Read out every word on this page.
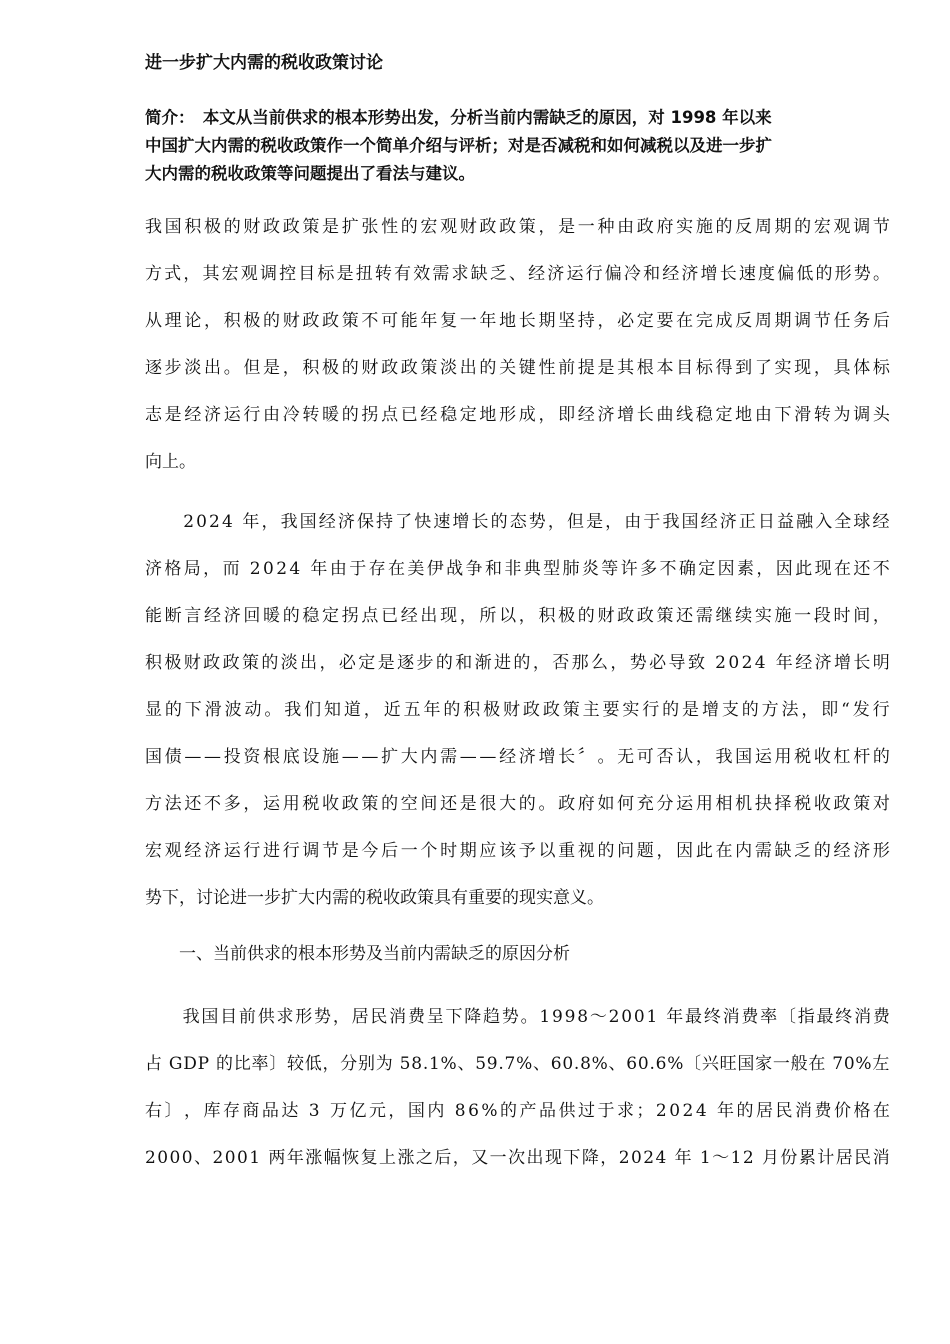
进一步扩大内需的税收政策讨论
简介：　本文从当前供求的根本形势出发，分析当前内需缺乏的原因，对 1998 年以来
中国扩大内需的税收政策作一个简单介绍与评析；对是否减税和如何减税以及进一步扩
大内需的税收政策等问题提出了看法与建议。
我 国 积 极 的 财 政 政 策 是 扩 张 性 的 宏 观 财 政 政 策 ， 是 一 种 由 政 府 实 施 的 反 周 期 的 宏 观 调 节
方 式 ， 其 宏 观 调 控 目 标 是 扭 转 有 效 需 求 缺 乏 、 经 济 运 行 偏 冷 和 经 济 增 长 速 度 偏 低 的 形 势 。
从 理 论 ， 积 极 的 财 政 政 策 不 可 能 年 复 一 年 地 长 期 坚 持 ， 必 定 要 在 完 成 反 周 期 调 节 任 务 后
逐 步 淡 出 。 但 是 ， 积 极 的 财 政 政 策 淡 出 的 关 键 性 前 提 是 其 根 本 目 标 得 到 了 实 现 ， 具 体 标
志 是 经 济 运 行 由 冷 转 暖 的 拐 点 已 经 稳 定 地 形 成 ， 即 经 济 增 长 曲 线 稳 定 地 由 下 滑 转 为 调 头
向上。

2 0 2 4
年 ， 我 国 经 济 保 持 了 快 速 增 长 的 态 势 ， 但 是 ， 由 于 我 国 经 济 正 日 益 融 入 全 球 经
济 格 局 ， 而
2 0 2 4
年 由 于 存 在 美 伊 战 争 和 非 典 型 肺 炎 等 许 多 不 确 定 因 素 ， 因 此 现 在 还 不
能 断 言 经 济 回 暖 的 稳 定 拐 点 已 经 出 现 ， 所 以 ， 积 极 的 财 政 政 策 还 需 继 续 实 施 一 段 时 间 ，
积 极 财 政 政 策 的 淡 出 ， 必 定 是 逐 步 的 和 渐 进 的 ， 否 那 么 ， 势 必 导 致
2 0 2 4
年 经 济 增 长 明
显 的 下 滑 波 动 。 我 们 知 道 ， 近 五 年 的 积 极 财 政 政 策 主 要 实 行 的 是 增 支 的 方 法 ， 即 “ 发 行
国 债 — — 投 资 根 底 设 施 — — 扩 大 内 需 — — 经 济 增 长 〞 。 无 可 否 认 ， 我 国 运 用 税 收 杠 杆 的
方 法 还 不 多 ， 运 用 税 收 政 策 的 空 间 还 是 很 大 的 。 政 府 如 何 充 分 运 用 相 机 抉 择 税 收 政 策 对
宏 观 经 济 运 行 进 行 调 节 是 今 后 一 个 时 期 应 该 予 以 重 视 的 问 题 ， 因 此 在 内 需 缺 乏 的 经 济 形
势下，讨论进一步扩大内需的税收政策具有重要的现实意义。
　　一、当前供求的根本形势及当前内需缺乏的原因分析

我 国 目 前 供 求 形 势 ， 居 民 消 费 呈 下 降 趋 势 。 1 9 9 8 ～ 2 0 0 1
年 最 终 消 费 率 〔 指 最 终 消 费
占
G D P
的 比 率 〕 较 低 ， 分 别 为
5 8 . 1 % 、 5 9 . 7 % 、 6 0 . 8 % 、 6 0 . 6 % 〔 兴 旺 国 家 一 般 在
7 0 % 左
右 〕 ， 库 存 商 品 达
3
万 亿 元 ， 国 内
8 6 % 的 产 品 供 过 于 求 ； 2 0 2 4
年 的 居 民 消 费 价 格 在
2 0 0 0 、 2 0 0 1
两 年 涨 幅 恢 复 上 涨 之 后 ， 又 一 次 出 现 下 降 ， 2 0 2 4
年
1 ～ 1 2
月 份 累 计 居 民 消
